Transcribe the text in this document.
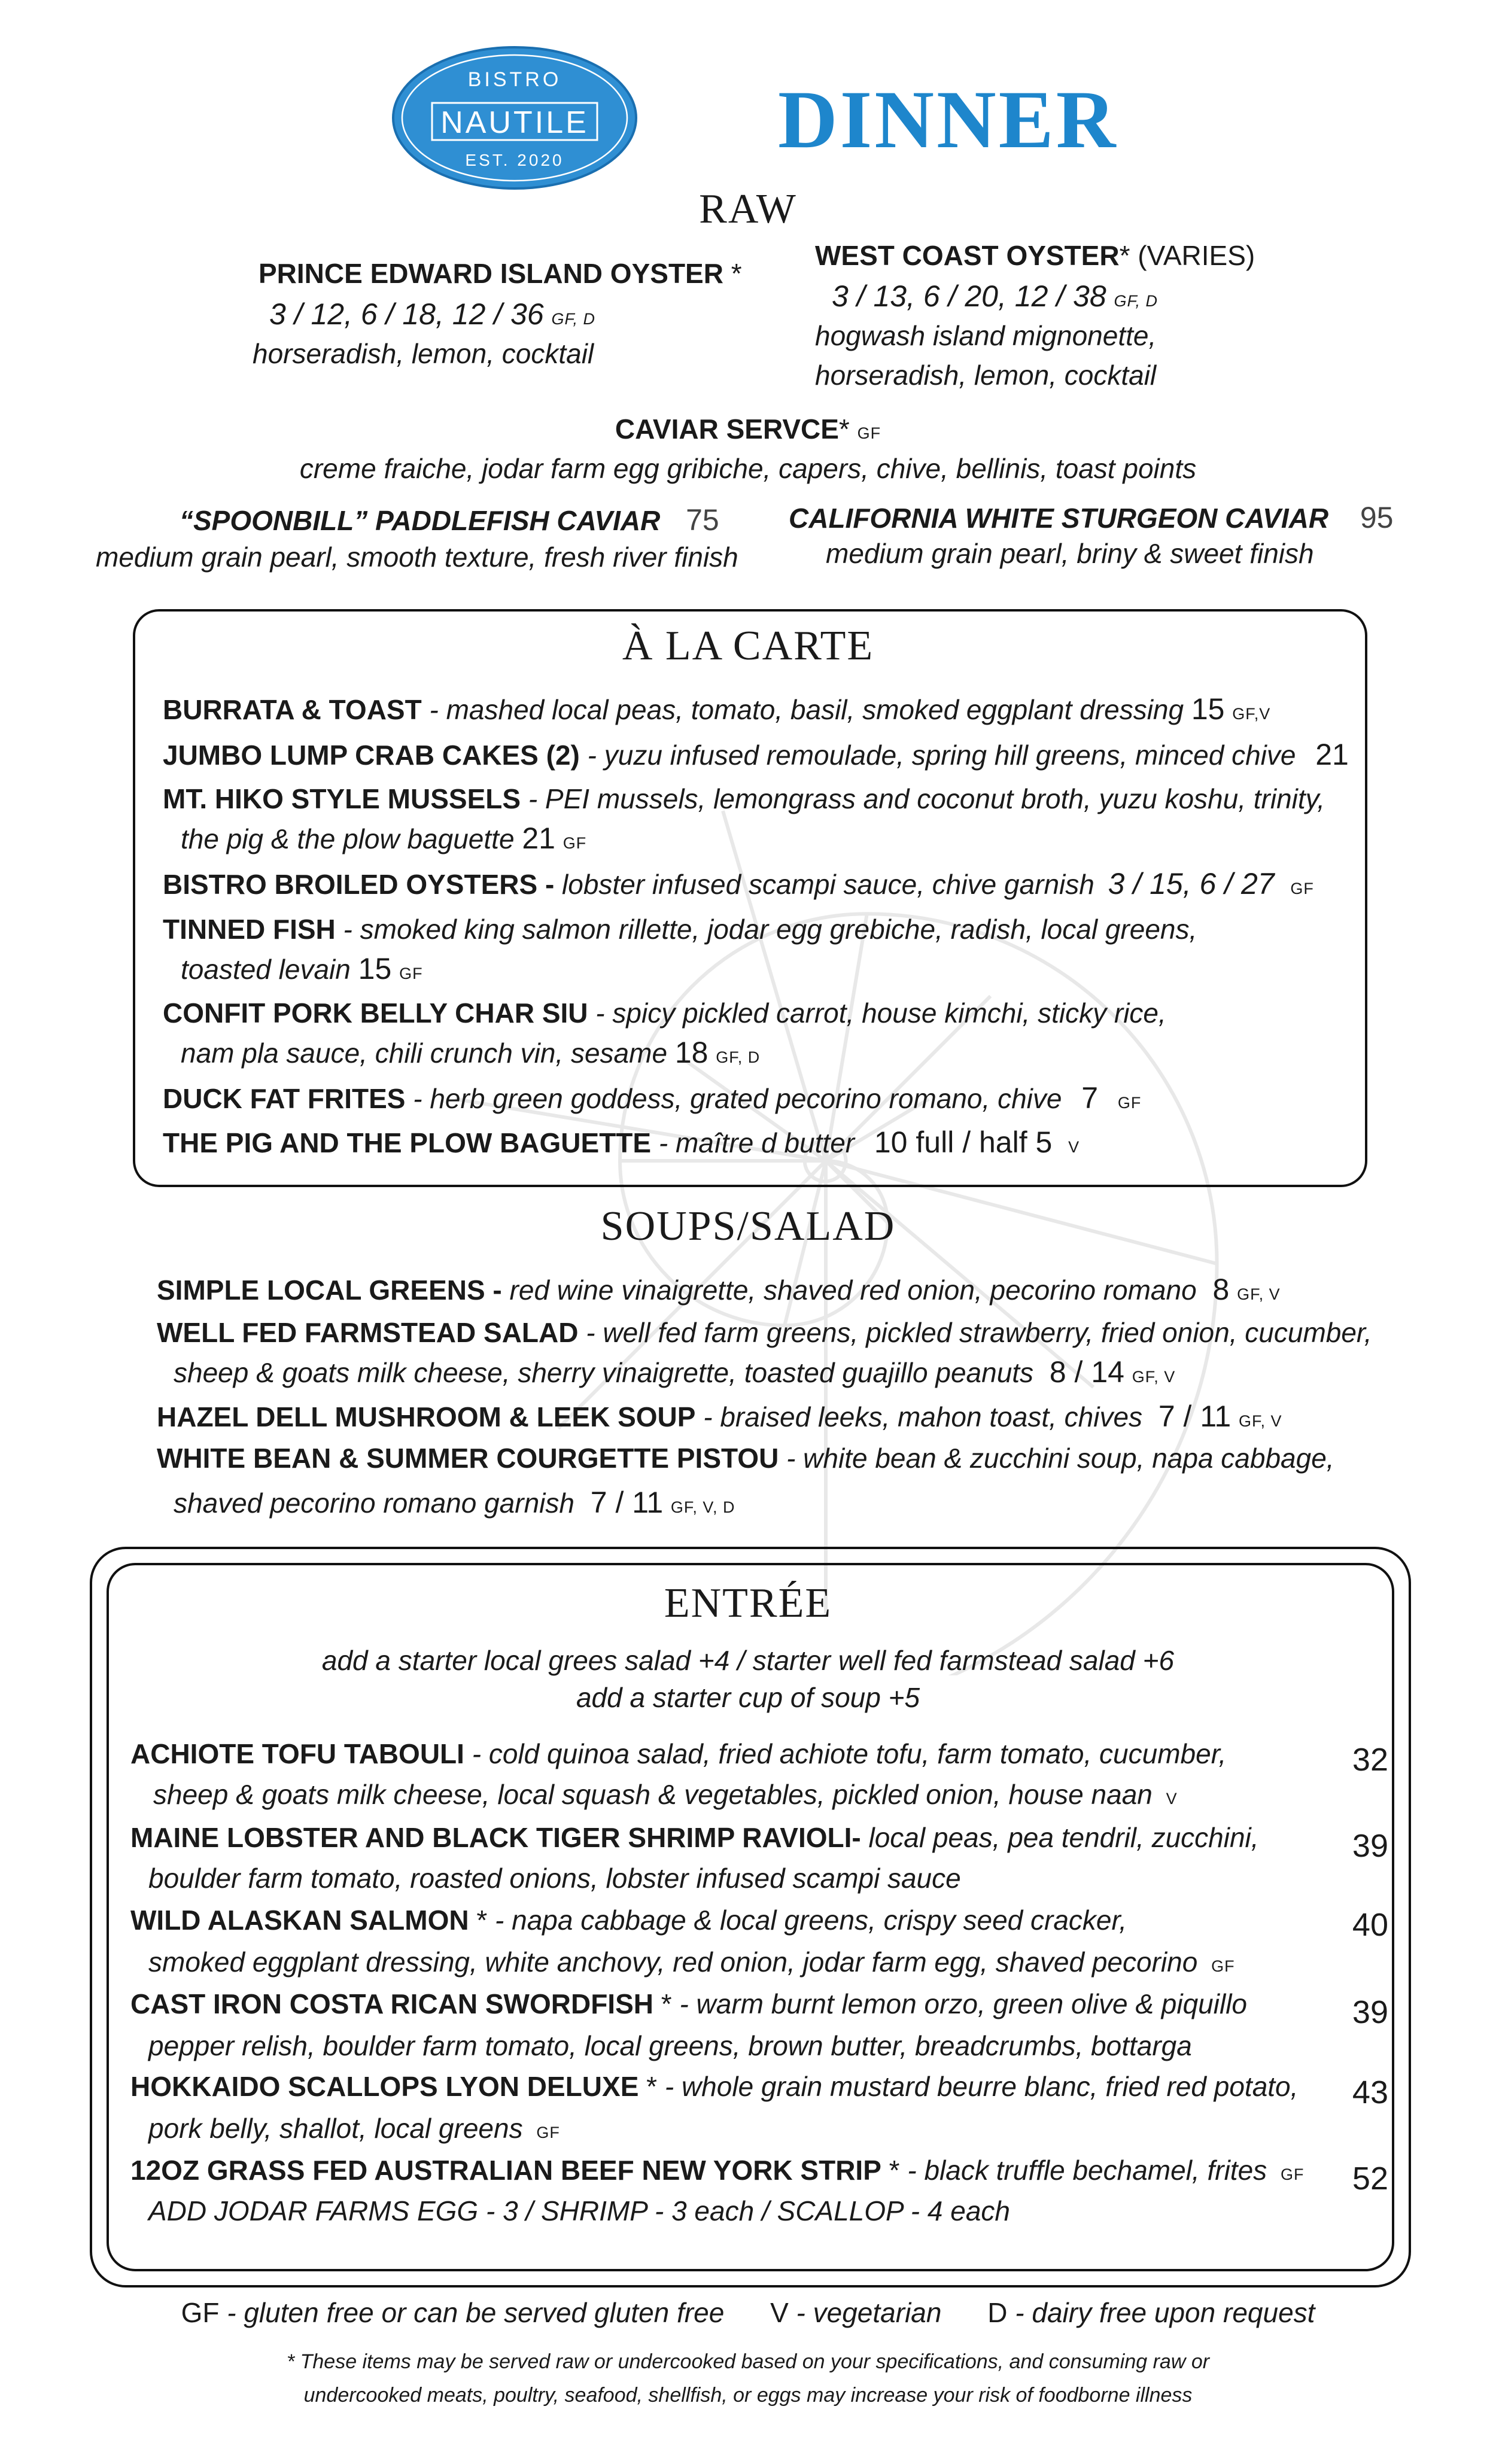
BISTRO
NAUTILE
EST. 2020	DINNER
RAW
PRINCE EDWARD ISLAND OYSTER *
3 / 12, 6 / 18, 12 / 36 GF, D
horseradish, lemon, cocktail
WEST COAST OYSTER* (VARIES)
3 / 13, 6 / 20, 12 / 38 GF, D
hogwash island mignonette,
horseradish, lemon, cocktail
CAVIAR SERVCE* GF
creme fraiche, jodar farm egg gribiche, capers, chive, bellinis, toast points
“SPOONBILL” PADDLEFISH CAVIAR 75
medium grain pearl, smooth texture, fresh river finish
CALIFORNIA WHITE STURGEON CAVIAR 95
medium grain pearl, briny & sweet finish
À LA CARTE
BURRATA & TOAST - mashed local peas, tomato, basil, smoked eggplant dressing 15 GF,V
JUMBO LUMP CRAB CAKES (2) - yuzu infused remoulade, spring hill greens, minced chive 21
MT. HIKO STYLE MUSSELS - PEI mussels, lemongrass and coconut broth, yuzu koshu, trinity,
the pig & the plow baguette 21 GF
BISTRO BROILED OYSTERS - lobster infused scampi sauce, chive garnish 3 / 15, 6 / 27 GF
TINNED FISH - smoked king salmon rillette, jodar egg grebiche, radish, local greens,
toasted levain 15 GF
CONFIT PORK BELLY CHAR SIU - spicy pickled carrot, house kimchi, sticky rice,
nam pla sauce, chili crunch vin, sesame 18 GF, D
DUCK FAT FRITES - herb green goddess, grated pecorino romano, chive 7 GF
THE PIG AND THE PLOW BAGUETTE - maître d butter 10 full / half 5 V
SOUPS/SALAD
SIMPLE LOCAL GREENS - red wine vinaigrette, shaved red onion, pecorino romano 8 GF, V
WELL FED FARMSTEAD SALAD - well fed farm greens, pickled strawberry, fried onion, cucumber,
sheep & goats milk cheese, sherry vinaigrette, toasted guajillo peanuts 8 / 14 GF, V
HAZEL DELL MUSHROOM & LEEK SOUP - braised leeks, mahon toast, chives 7 / 11 GF, V
WHITE BEAN & SUMMER COURGETTE PISTOU - white bean & zucchini soup, napa cabbage,
shaved pecorino romano garnish 7 / 11 GF, V, D
ENTRÉE
add a starter local grees salad +4 / starter well fed farmstead salad +6
add a starter cup of soup +5
ACHIOTE TOFU TABOULI - cold quinoa salad, fried achiote tofu, farm tomato, cucumber,
sheep & goats milk cheese, local squash & vegetables, pickled onion, house naan V
32
MAINE LOBSTER AND BLACK TIGER SHRIMP RAVIOLI- local peas, pea tendril, zucchini,
boulder farm tomato, roasted onions, lobster infused scampi sauce
39
WILD ALASKAN SALMON * - napa cabbage & local greens, crispy seed cracker,
smoked eggplant dressing, white anchovy, red onion, jodar farm egg, shaved pecorino GF
40
CAST IRON COSTA RICAN SWORDFISH * - warm burnt lemon orzo, green olive & piquillo
pepper relish, boulder farm tomato, local greens, brown butter, breadcrumbs, bottarga
39
HOKKAIDO SCALLOPS LYON DELUXE * - whole grain mustard beurre blanc, fried red potato,
pork belly, shallot, local greens GF
43
12OZ GRASS FED AUSTRALIAN BEEF NEW YORK STRIP * - black truffle bechamel, frites GF
ADD JODAR FARMS EGG - 3 / SHRIMP - 3 each / SCALLOP - 4 each
52
GF - gluten free or can be served gluten free V - vegetarian D - dairy free upon request
* These items may be served raw or undercooked based on your specifications, and consuming raw or
undercooked meats, poultry, seafood, shellfish, or eggs may increase your risk of foodborne illness
